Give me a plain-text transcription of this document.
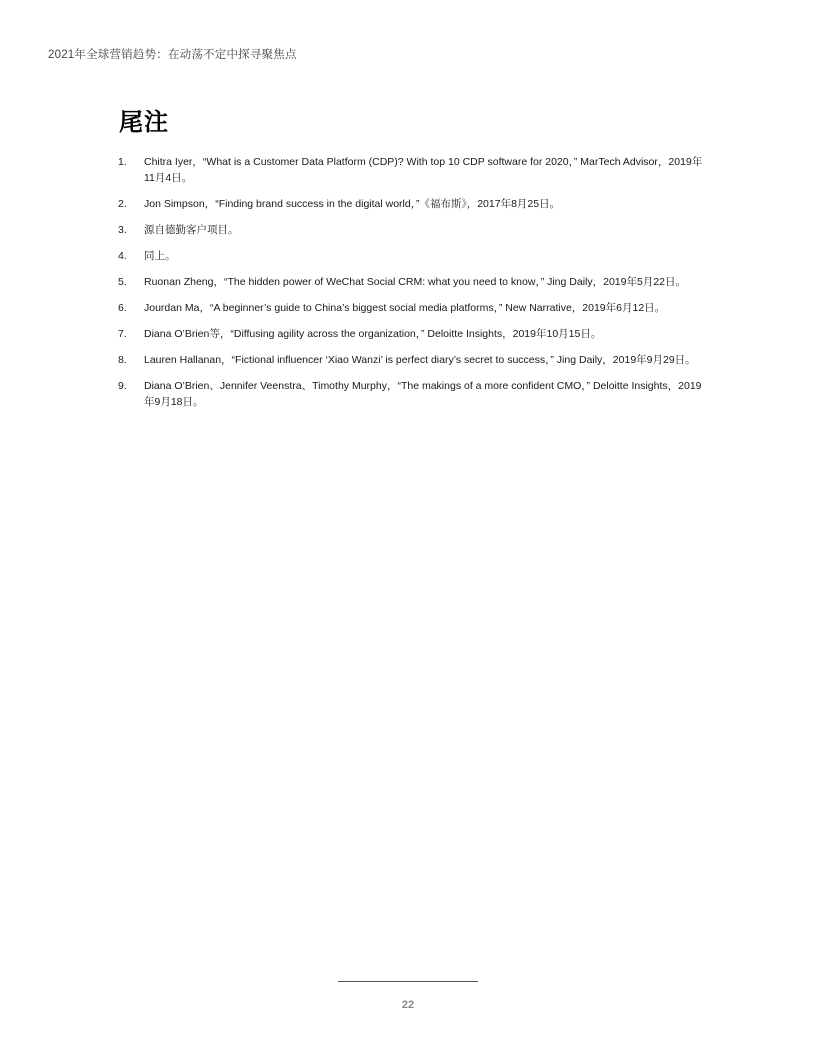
2021年全球营销趋势：在动荡不定中探寻聚焦点
尾注
1.	Chitra Iyer，“What is a Customer Data Platform (CDP)? With top 10 CDP software for 2020，” MarTech Advisor，2019年11月4日。
2.	Jon Simpson，“Finding brand success in the digital world，”《福布斯》，2017年8月25日。
3.	源自德勤客户项目。
4.	同上。
5.	Ruonan Zheng，“The hidden power of WeChat Social CRM: what you need to know，” Jing Daily，2019年5月22日。
6.	Jourdan Ma，“A beginner’s guide to China’s biggest social media platforms，” New Narrative，2019年6月12日。
7.	Diana O’Brien等，“Diffusing agility across the organization，” Deloitte Insights，2019年10月15日。
8.	Lauren Hallanan，“Fictional influencer ‘Xiao Wanzi’ is perfect diary’s secret to success，” Jing Daily，2019年9月29日。
9.	Diana O’Brien、Jennifer Veenstra、Timothy Murphy，“The makings of a more confident CMO，” Deloitte Insights，2019年9月18日。
22
